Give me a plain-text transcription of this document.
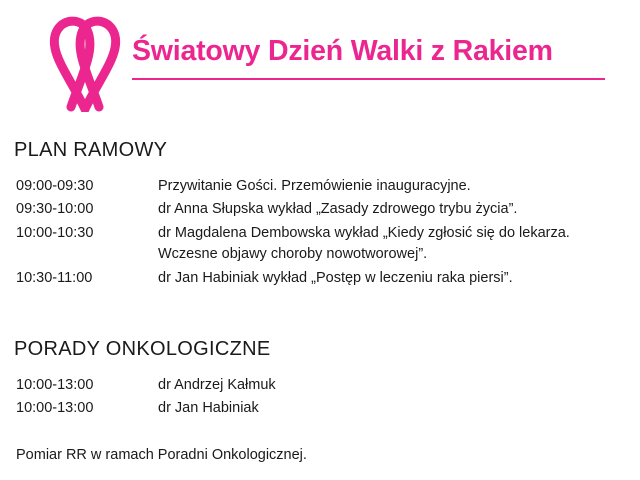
Światowy Dzień Walki z Rakiem
PLAN RAMOWY
09:00-09:30	Przywitanie Gości. Przemówienie inauguracyjne.
09:30-10:00	dr Anna Słupska wykład „Zasady zdrowego trybu życia”.
10:00-10:30	dr Magdalena Dembowska wykład „Kiedy zgłosić się do lekarza. Wczesne objawy choroby nowotworowej”.
10:30-11:00	dr Jan Habiniak wykład „Postęp w leczeniu raka piersi”.
PORADY ONKOLOGICZNE
10:00-13:00	dr Andrzej Kałmuk
10:00-13:00	dr Jan Habiniak
Pomiar RR w ramach Poradni Onkologicznej.
